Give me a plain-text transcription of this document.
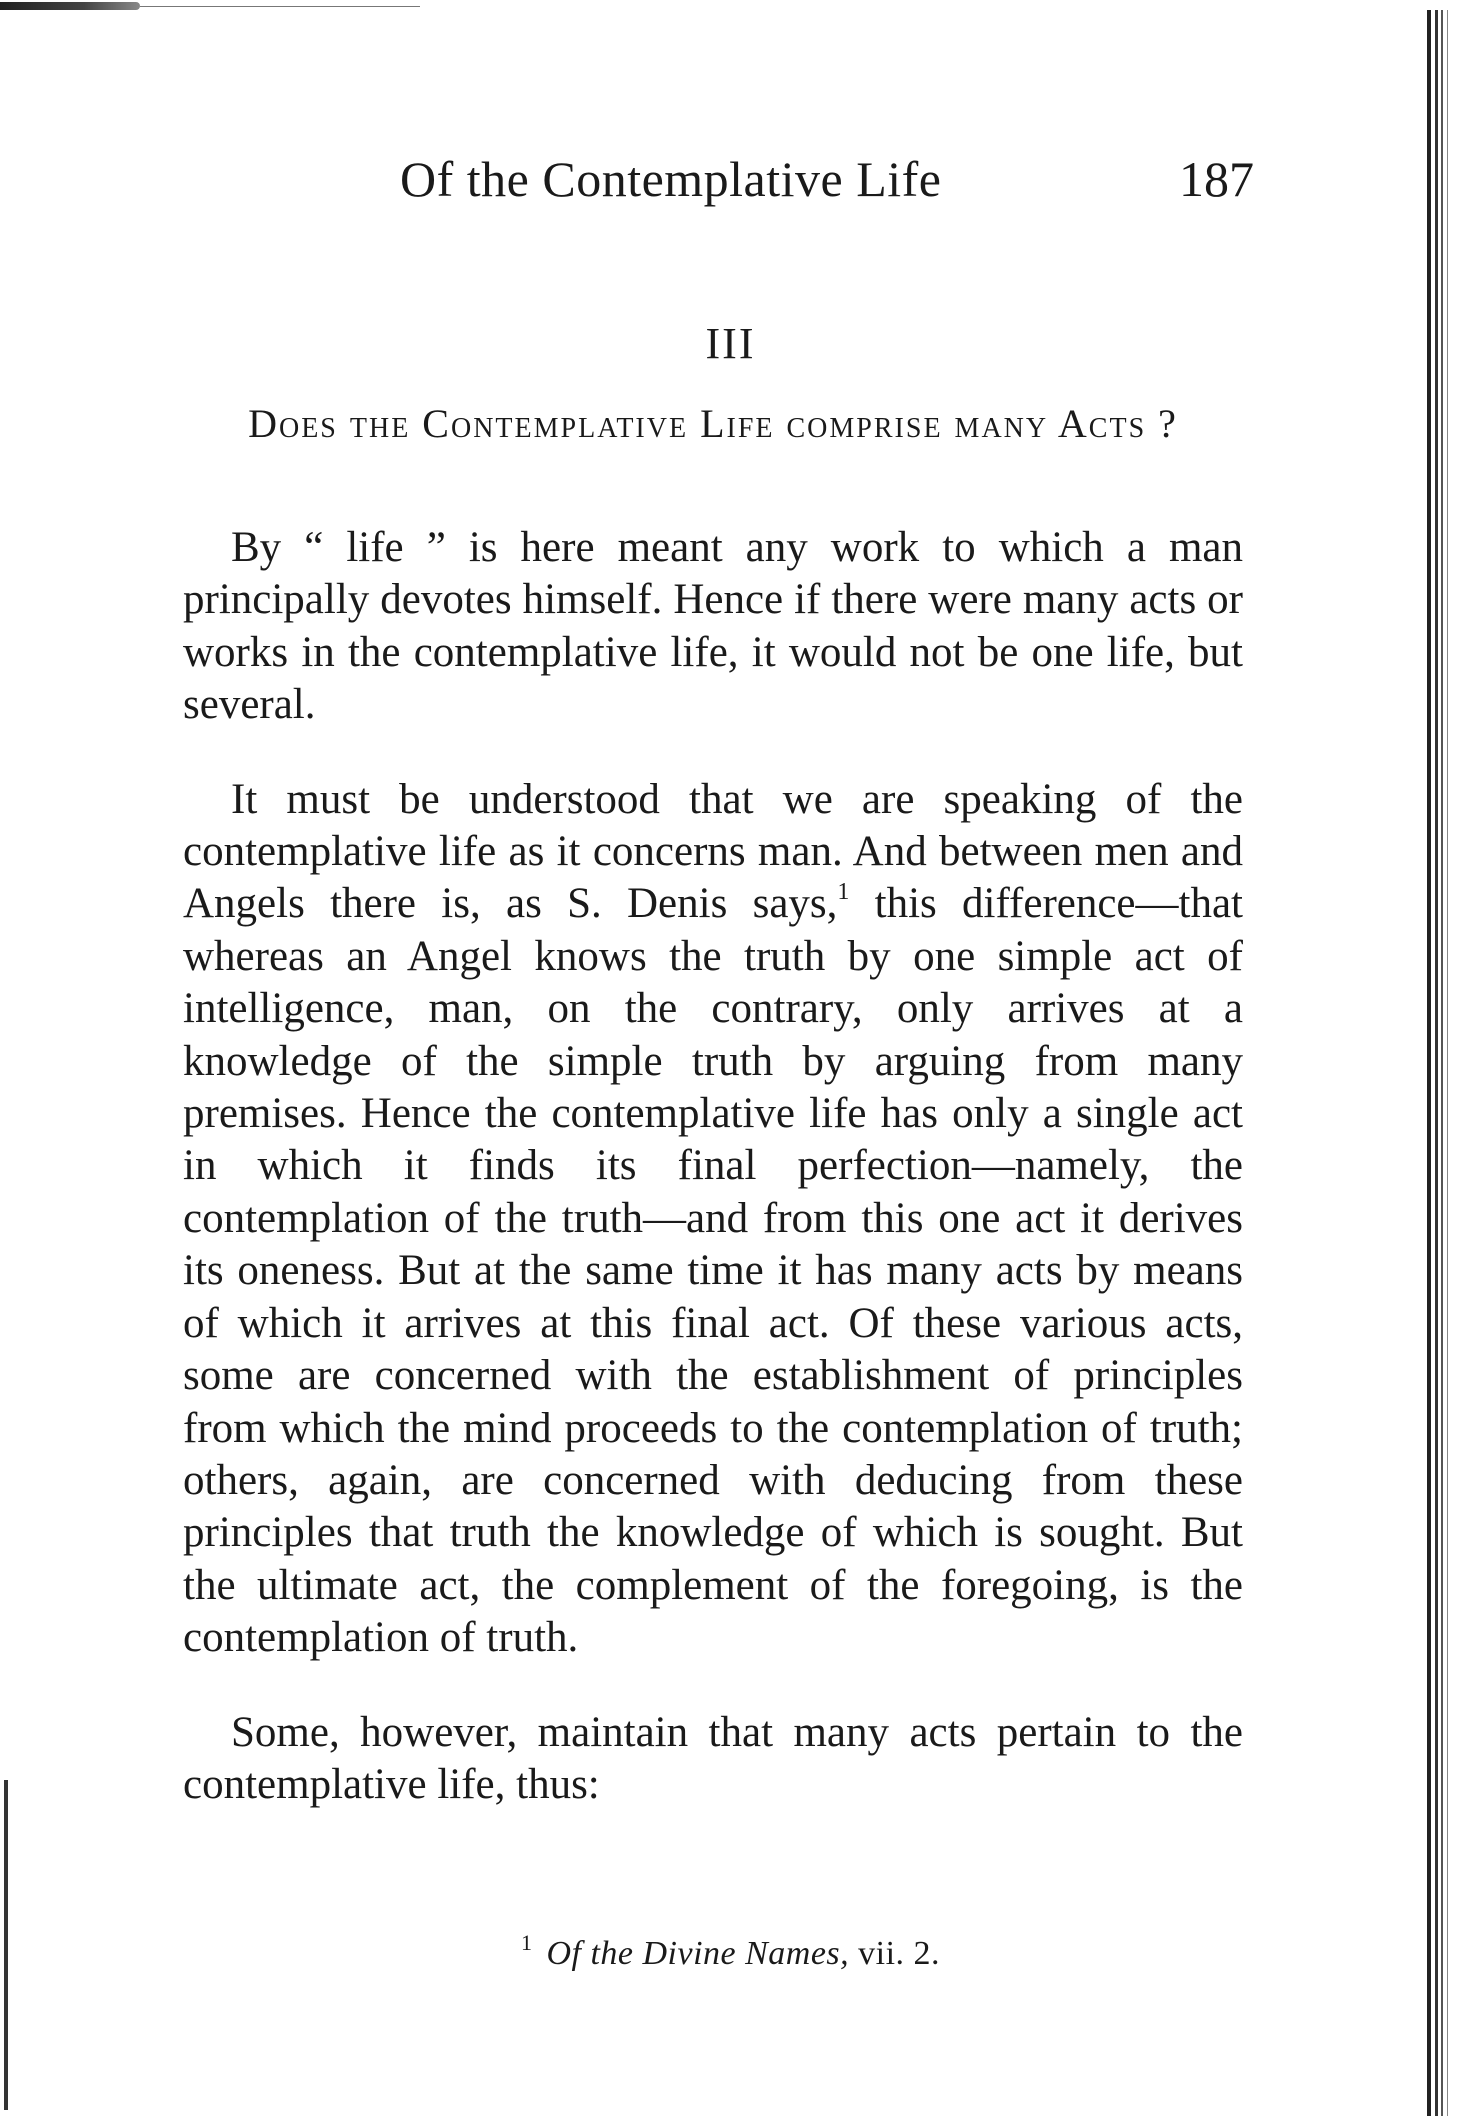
Of the Contemplative Life	187
III
Does the Contemplative Life comprise many Acts ?

By “ life ” is here meant any work to which a man principally devotes himself. Hence if there were many acts or works in the contemplative life, it would not be one life, but several.

It must be understood that we are speaking of the contemplative life as it concerns man. And between men and Angels there is, as S. Denis says,$^1$ this difference—that whereas an Angel knows the truth by one simple act of intelligence, man, on the contrary, only arrives at a knowledge of the simple truth by arguing from many premises. Hence the contemplative life has only a single act in which it finds its final perfection—namely, the contemplation of the truth—and from this one act it derives its oneness. But at the same time it has many acts by means of which it arrives at this final act. Of these various acts, some are concerned with the establishment of principles from which the mind proceeds to the contemplation of truth; others, again, are concerned with deducing from these principles that truth the knowledge of which is sought. But the ultimate act, the complement of the foregoing, is the contemplation of truth.

Some, however, maintain that many acts pertain to the contemplative life, thus:

$^1$ Of the Divine Names, vii. 2.
